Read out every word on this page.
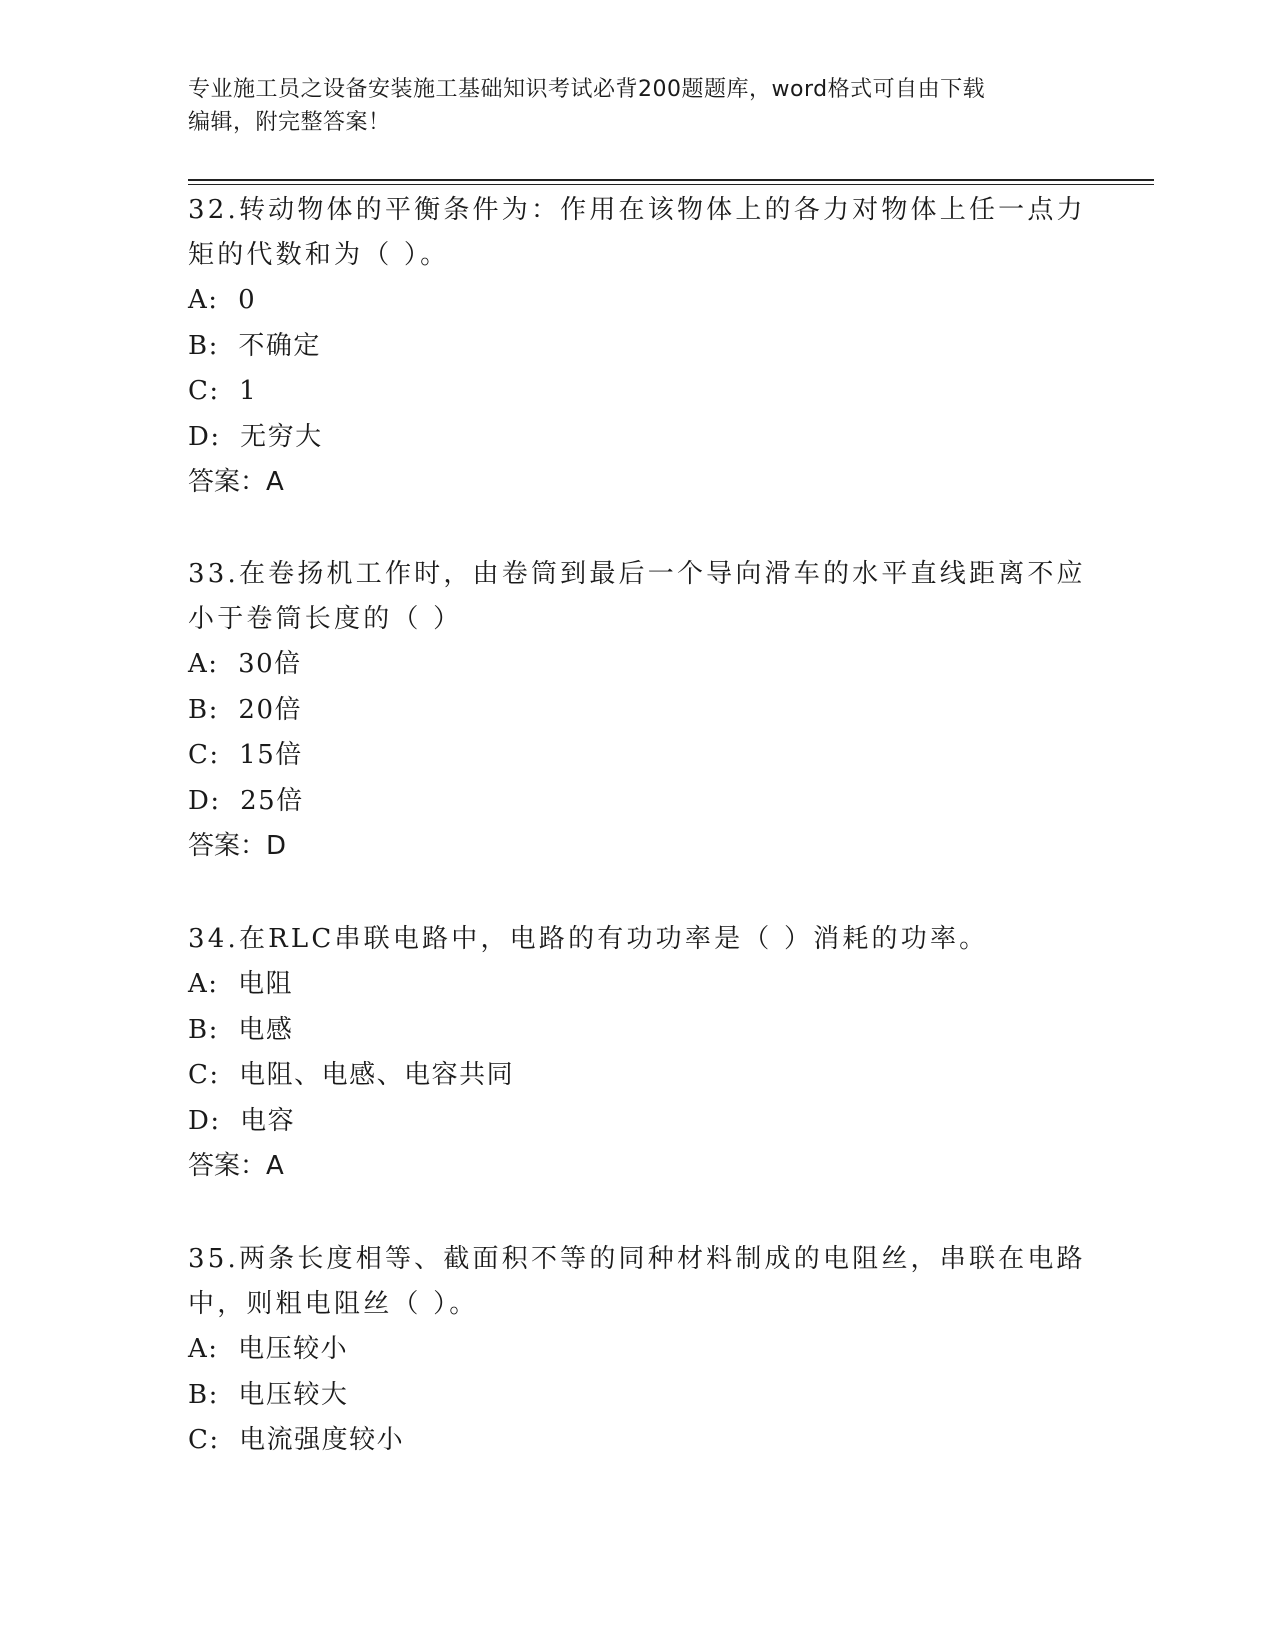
专业施工员之设备安装施工基础知识考试必背200题题库，word格式可自由下载
编辑，附完整答案！

32.转动物体的平衡条件为：作用在该物体上的各力对物体上任一点力

矩的代数和为（ ）。

A:  0

B:  不确定

C:  1

D:  无穷大

答案：A

33.在卷扬机工作时，由卷筒到最后一个导向滑车的水平直线距离不应

小于卷筒长度的（ ）

A:  30倍

B:  20倍

C:  15倍

D:  25倍

答案：D

34.在RLC串联电路中，电路的有功功率是（ ）消耗的功率。

A:  电阻

B:  电感

C:  电阻、电感、电容共同

D:  电容

答案：A

35.两条长度相等、截面积不等的同种材料制成的电阻丝，串联在电路

中，则粗电阻丝（ ）。

A:  电压较小

B:  电压较大

C:  电流强度较小
